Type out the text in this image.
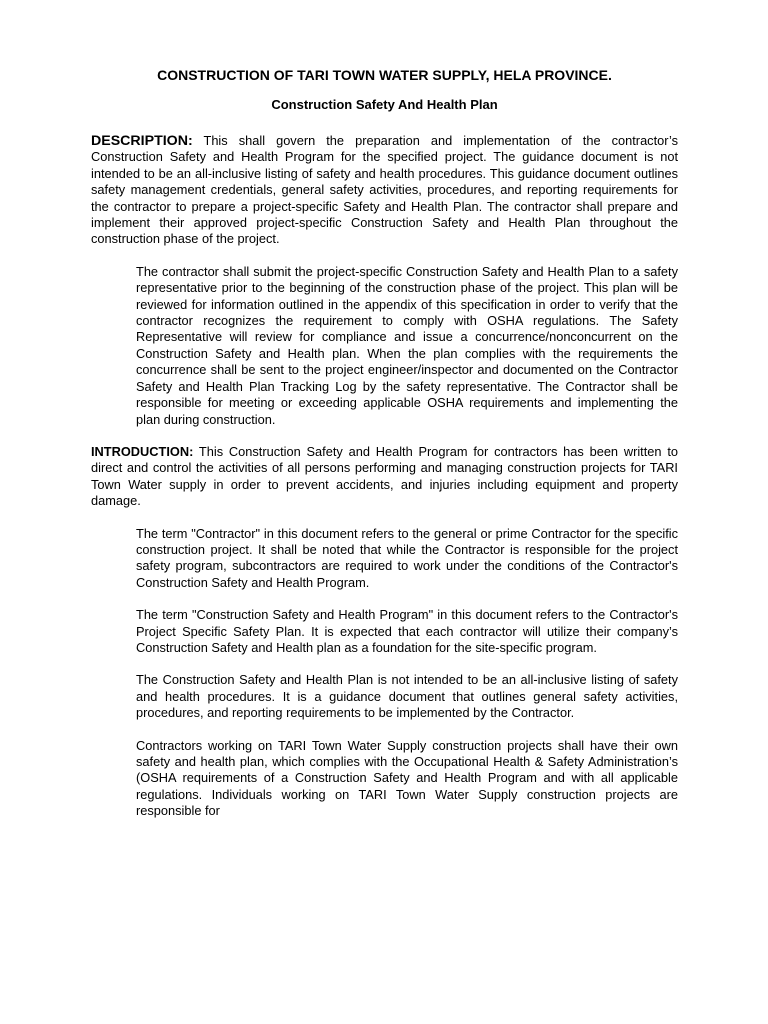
CONSTRUCTION OF TARI TOWN WATER SUPPLY, HELA PROVINCE.
Construction Safety And Health Plan

DESCRIPTION: This shall govern the preparation and implementation of the contractor’s Construction Safety and Health Program for the specified project. The guidance document is not intended to be an all-inclusive listing of safety and health procedures. This guidance document outlines safety management credentials, general safety activities, procedures, and reporting requirements for the contractor to prepare a project-specific Safety and Health Plan. The contractor shall prepare and implement their approved project-specific Construction Safety and Health Plan throughout the construction phase of the project.

The contractor shall submit the project-specific Construction Safety and Health Plan to a safety representative prior to the beginning of the construction phase of the project. This plan will be reviewed for information outlined in the appendix of this specification in order to verify that the contractor recognizes the requirement to comply with OSHA regulations. The Safety Representative will review for compliance and issue a concurrence/nonconcurrent on the Construction Safety and Health plan. When the plan complies with the requirements the concurrence shall be sent to the project engineer/inspector and documented on the Contractor Safety and Health Plan Tracking Log by the safety representative. The Contractor shall be responsible for meeting or exceeding applicable OSHA requirements and implementing the plan during construction.

INTRODUCTION: This Construction Safety and Health Program for contractors has been written to direct and control the activities of all persons performing and managing construction projects for TARI Town Water supply in order to prevent accidents, and injuries including equipment and property damage.

The term "Contractor" in this document refers to the general or prime Contractor for the specific construction project. It shall be noted that while the Contractor is responsible for the project safety program, subcontractors are required to work under the conditions of the Contractor's Construction Safety and Health Program.

The term "Construction Safety and Health Program" in this document refers to the Contractor's Project Specific Safety Plan. It is expected that each contractor will utilize their company’s Construction Safety and Health plan as a foundation for the site-specific program.

The Construction Safety and Health Plan is not intended to be an all-inclusive listing of safety and health procedures. It is a guidance document that outlines general safety activities, procedures, and reporting requirements to be implemented by the Contractor.

Contractors working on TARI Town Water Supply construction projects shall have their own safety and health plan, which complies with the Occupational Health & Safety Administration’s (OSHA requirements of a Construction Safety and Health Program and with all applicable regulations. Individuals working on TARI Town Water Supply construction projects are responsible for
